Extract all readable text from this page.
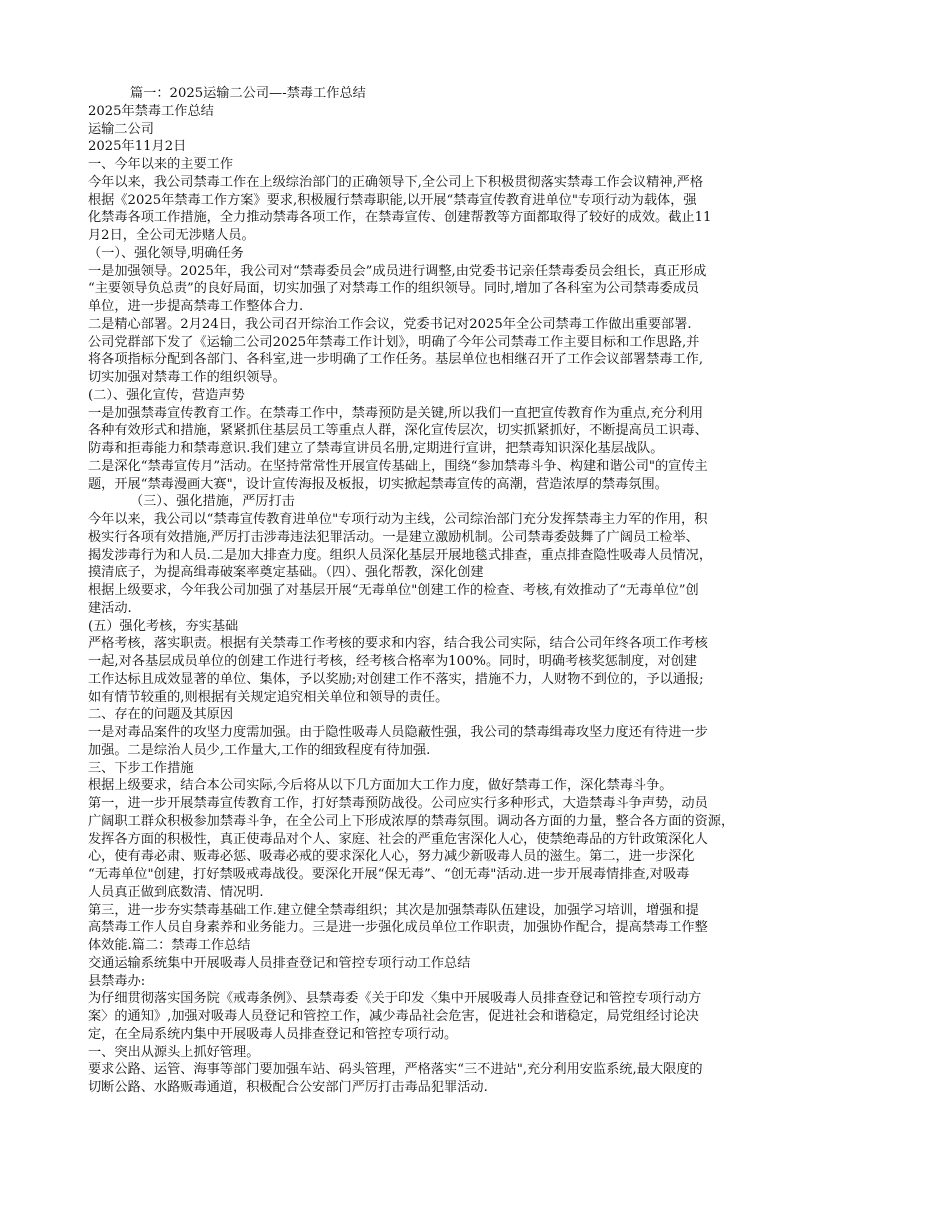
篇一：2025运输二公司—-禁毒工作总结

2025年禁毒工作总结

运输二公司

2025年11月2日

一、今年以来的主要工作

今年以来，我公司禁毒工作在上级综治部门的正确领导下,全公司上下积极贯彻落实禁毒工作会议精神,严格

根据《2025年禁毒工作方案》要求,积极履行禁毒职能,以开展“禁毒宣传教育进单位"专项行动为载体，强

化禁毒各项工作措施，全力推动禁毒各项工作，在禁毒宣传、创建帮教等方面都取得了较好的成效。截止11

月2日，全公司无涉赌人员。

（一）、强化领导,明确任务

一是加强领导。2025年，我公司对“禁毒委员会”成员进行调整,由党委书记亲任禁毒委员会组长，真正形成

“主要领导负总责”的良好局面，切实加强了对禁毒工作的组织领导。同时,增加了各科室为公司禁毒委成员

单位，进一步提高禁毒工作整体合力.

二是精心部署。2月24日，我公司召开综治工作会议，党委书记对2025年全公司禁毒工作做出重要部署.

公司党群部下发了《运输二公司2025年禁毒工作计划》，明确了今年公司禁毒工作主要目标和工作思路,并

将各项指标分配到各部门、各科室,进一步明确了工作任务。基层单位也相继召开了工作会议部署禁毒工作,

切实加强对禁毒工作的组织领导。

(二）、强化宣传，营造声势

一是加强禁毒宣传教育工作。在禁毒工作中，禁毒预防是关键,所以我们一直把宣传教育作为重点,充分利用

各种有效形式和措施，紧紧抓住基层员工等重点人群，深化宣传层次，切实抓紧抓好，不断提高员工识毒、

防毒和拒毒能力和禁毒意识.我们建立了禁毒宣讲员名册,定期进行宣讲，把禁毒知识深化基层战队。

二是深化“禁毒宣传月”活动。在坚持常常性开展宣传基础上，围绕“参加禁毒斗争、构建和谐公司"的宣传主

题，开展“禁毒漫画大赛"，设计宣传海报及板报，切实掀起禁毒宣传的高潮，营造浓厚的禁毒氛围。

（三）、强化措施，严厉打击

今年以来，我公司以“禁毒宣传教育进单位"专项行动为主线，公司综治部门充分发挥禁毒主力军的作用，积

极实行各项有效措施,严厉打击涉毒违法犯罪活动。一是建立激励机制。公司禁毒委鼓舞了广阔员工检举、

揭发涉毒行为和人员.二是加大排查力度。组织人员深化基层开展地毯式排查，重点排查隐性吸毒人员情况，

摸清底子，为提高缉毒破案率奠定基础。（四）、强化帮教，深化创建

根据上级要求，今年我公司加强了对基层开展“无毒单位"创建工作的检查、考核,有效推动了“无毒单位”创

建活动.

(五）强化考核，夯实基础

严格考核，落实职责。根据有关禁毒工作考核的要求和内容，结合我公司实际，结合公司年终各项工作考核

一起,对各基层成员单位的创建工作进行考核，经考核合格率为100%。同时，明确考核奖惩制度，对创建

工作达标且成效显著的单位、集体，予以奖励;对创建工作不落实，措施不力，人财物不到位的，予以通报;

如有情节较重的,则根据有关规定追究相关单位和领导的责任。

二、存在的问题及其原因

一是对毒品案件的攻坚力度需加强。由于隐性吸毒人员隐蔽性强，我公司的禁毒缉毒攻坚力度还有待进一步

加强。二是综治人员少,工作量大,工作的细致程度有待加强.

三、下步工作措施

根据上级要求，结合本公司实际,今后将从以下几方面加大工作力度，做好禁毒工作，深化禁毒斗争。

第一，进一步开展禁毒宣传教育工作，打好禁毒预防战役。公司应实行多种形式，大造禁毒斗争声势，动员

广阔职工群众积极参加禁毒斗争，在全公司上下形成浓厚的禁毒氛围。调动各方面的力量，整合各方面的资源，

发挥各方面的积极性，真正使毒品对个人、家庭、社会的严重危害深化人心，使禁绝毒品的方针政策深化人

心，使有毒必肃、贩毒必惩、吸毒必戒的要求深化人心，努力减少新吸毒人员的滋生。第二，进一步深化

“无毒单位"创建，打好禁吸戒毒战役。要深化开展“保无毒”、“创无毒"活动.进一步开展毒情排查,对吸毒

人员真正做到底数清、情况明.

第三，进一步夯实禁毒基础工作.建立健全禁毒组织；其次是加强禁毒队伍建设，加强学习培训，增强和提

高禁毒工作人员自身素养和业务能力。三是进一步强化成员单位工作职责，加强协作配合，提高禁毒工作整

体效能.篇二：禁毒工作总结

交通运输系统集中开展吸毒人员排查登记和管控专项行动工作总结

县禁毒办:

为仔细贯彻落实国务院《戒毒条例》、县禁毒委《关于印发〈集中开展吸毒人员排查登记和管控专项行动方

案〉的通知》,加强对吸毒人员登记和管控工作，减少毒品社会危害，促进社会和谐稳定，局党组经讨论决

定，在全局系统内集中开展吸毒人员排查登记和管控专项行动。

一、突出从源头上抓好管理。

要求公路、运管、海事等部门要加强车站、码头管理，严格落实“三不进站",充分利用安监系统,最大限度的

切断公路、水路贩毒通道，积极配合公安部门严厉打击毒品犯罪活动.
